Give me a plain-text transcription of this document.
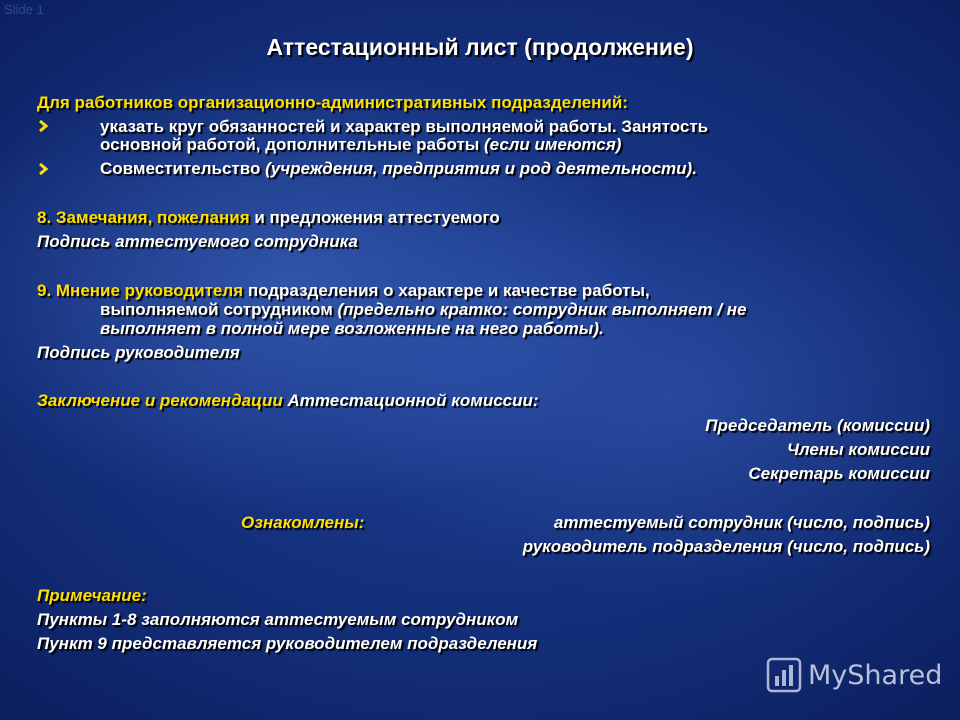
Slide 1
Аттестационный лист (продолжение)
Для работников организационно-административных подразделений:
указать круг обязанностей и характер выполняемой работы. Занятость
основной работой, дополнительные работы (если имеются)
Совместительство (учреждения, предприятия и род деятельности).
8. Замечания, пожелания и предложения аттестуемого
Подпись аттестуемого сотрудника
9. Мнение руководителя подразделения о характере и качестве работы,
выполняемой сотрудником (предельно кратко: сотрудник выполняет / не
выполняет в полной мере возложенные на него работы).
Подпись руководителя
Заключение и рекомендации Аттестационной комиссии:
Председатель (комиссии)
Члены комиссии
Секретарь комиссии
Ознакомлены:	аттестуемый сотрудник (число, подпись)
руководитель подразделения (число, подпись)
Примечание:
Пункты 1-8 заполняются аттестуемым сотрудником
Пункт 9 представляется руководителем подразделения
MyShared
